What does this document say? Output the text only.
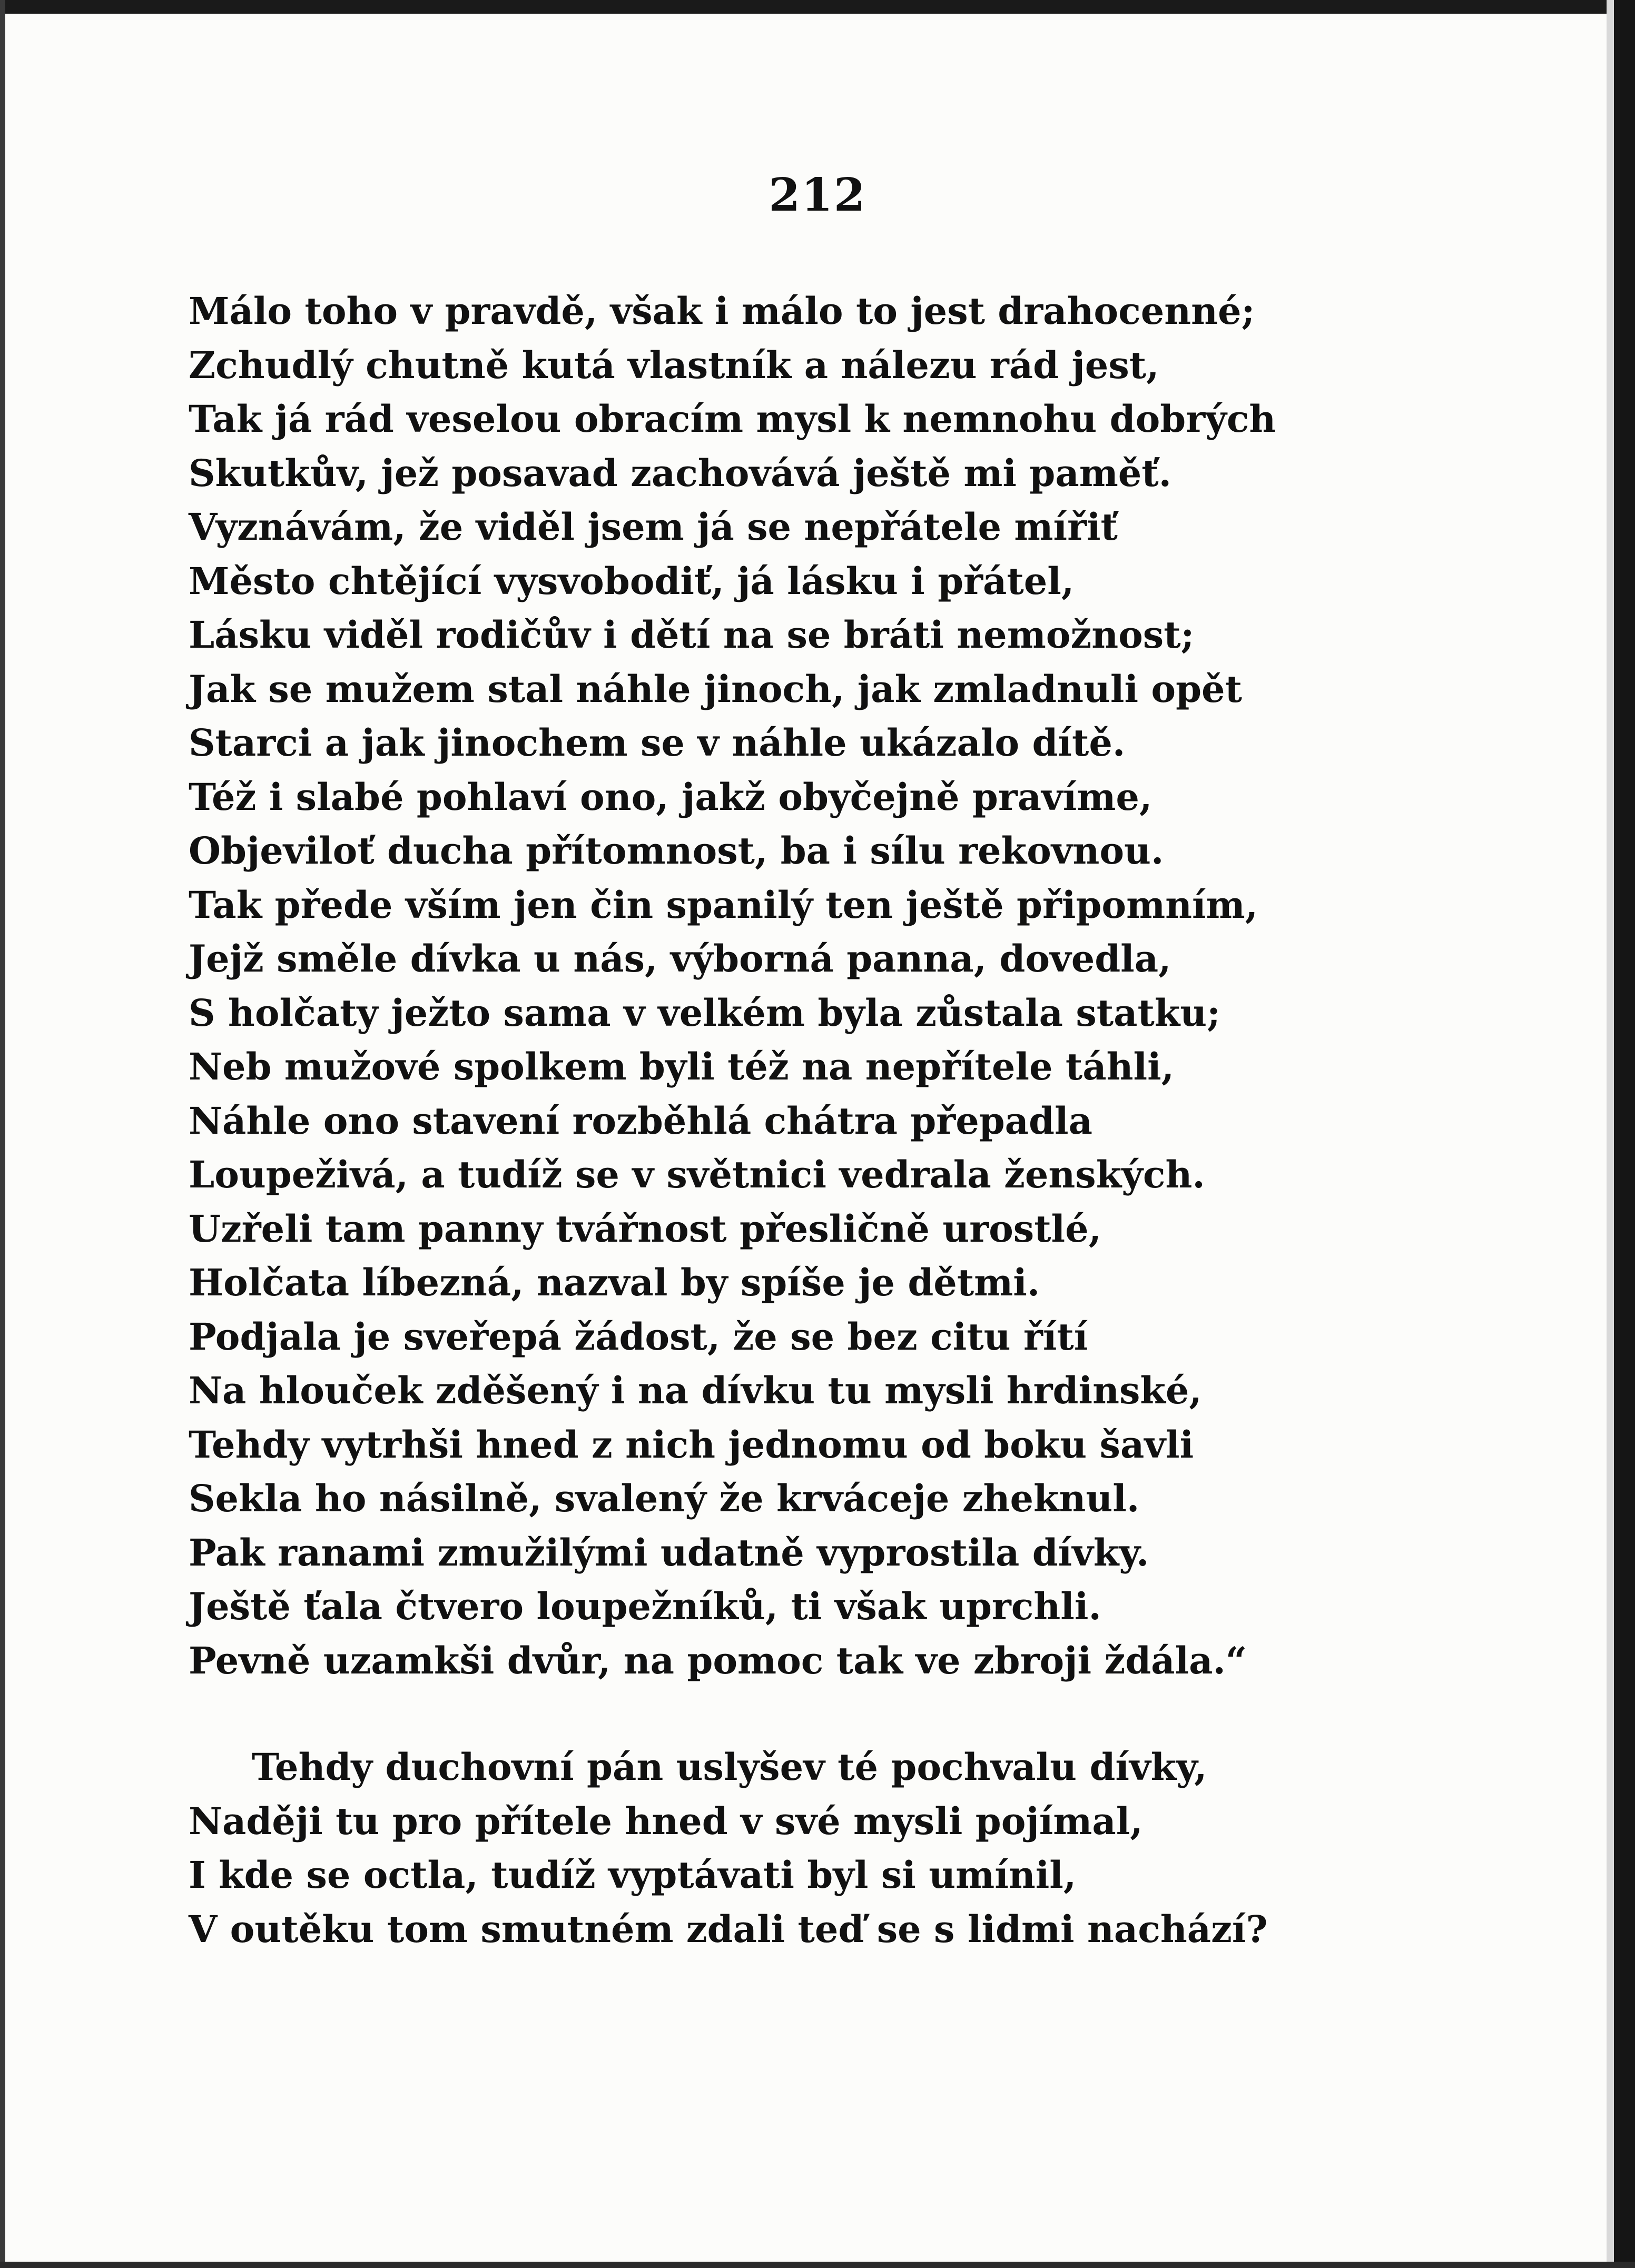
212
Málo toho v pravdě, však i málo to jest drahocenné;
Zchudlý chutně kutá vlastník a nálezu rád jest,
Tak já rád veselou obracím mysl k nemnohu dobrých
Skutkův, jež posavad zachovává ještě mi paměť.
Vyznávám, že viděl jsem já se nepřátele mířiť
Město chtějící vysvobodiť, já lásku i přátel,
Lásku viděl rodičův i dětí na se bráti nemožnost;
Jak se mužem stal náhle jinoch, jak zmladnuli opět
Starci a jak jinochem se v náhle ukázalo dítě.
Též i slabé pohlaví ono, jakž obyčejně pravíme,
Objeviloť ducha přítomnost, ba i sílu rekovnou.
Tak přede vším jen čin spanilý ten ještě připomním,
Jejž směle dívka u nás, výborná panna, dovedla,
S holčaty ježto sama v velkém byla zůstala statku;
Neb mužové spolkem byli též na nepřítele táhli,
Náhle ono stavení rozběhlá chátra přepadla
Loupeživá, a tudíž se v světnici vedrala ženských.
Uzřeli tam panny tvářnost přesličně urostlé,
Holčata líbezná, nazval by spíše je dětmi.
Podjala je sveřepá žádost, že se bez citu řítí
Na hlouček zděšený i na dívku tu mysli hrdinské,
Tehdy vytrhši hned z nich jednomu od boku šavli
Sekla ho násilně, svalený že krváceje zheknul.
Pak ranami zmužilými udatně vyprostila dívky.
Ještě ťala čtvero loupežníků, ti však uprchli.
Pevně uzamkši dvůr, na pomoc tak ve zbroji ždála.“
Tehdy duchovní pán uslyšev té pochvalu dívky,
Naději tu pro přítele hned v své mysli pojímal,
I kde se octla, tudíž vyptávati byl si umínil,
V outěku tom smutném zdali teď se s lidmi nachází?
